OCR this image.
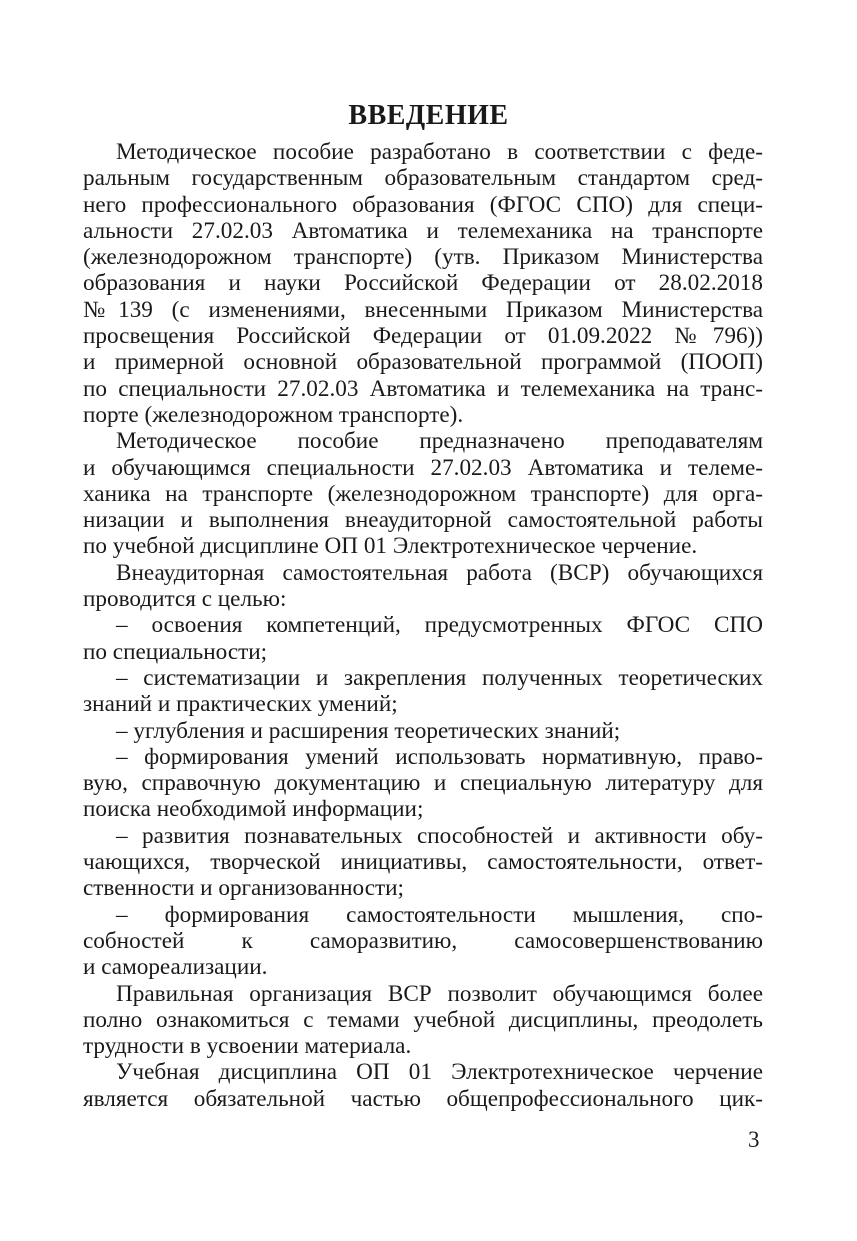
ВВЕДЕНИЕ
Методическое пособие разработано в соответствии с феде-
ральным государственным образовательным стандартом сред-
него профессионального образования (ФГОС СПО) для специ-
альности 27.02.03 Автоматика и телемеханика на транспорте
(железнодорожном транспорте) (утв. Приказом Министерства
образования и науки Российской Федерации от 28.02.2018
№139 (с изменениями, внесенными Приказом Министерства
просвещения Российской Федерации от 01.09.2022 №796))
и примерной основной образовательной программой (ПООП)
по специальности 27.02.03 Автоматика и телемеханика на транс-
порте (железнодорожном транспорте).
Методическое пособие предназначено преподавателям
и обучающимся специальности 27.02.03 Автоматика и телеме-
ханика на транспорте (железнодорожном транспорте) для орга-
низации и выполнения внеаудиторной самостоятельной работы
по учебной дисциплине ОП 01 Электротехническое черчение.
Внеаудиторная самостоятельная работа (ВСР) обучающихся
проводится с целью:
– освоения компетенций, предусмотренных ФГОС СПО
по специальности;
– систематизации и закрепления полученных теоретических
знаний и практических умений;
– углубления и расширения теоретических знаний;
– формирования умений использовать нормативную, право-
вую, справочную документацию и специальную литературу для
поиска необходимой информации;
– развития познавательных способностей и активности обу-
чающихся, творческой инициативы, самостоятельности, ответ-
ственности и организованности;
– формирования самостоятельности мышления, спо-
собностей к саморазвитию, самосовершенствованию
и самореализации.
Правильная организация ВСР позволит обучающимся более
полно ознакомиться с темами учебной дисциплины, преодолеть
трудности в усвоении материала.
Учебная дисциплина ОП 01 Электротехническое черчение
является обязательной частью общепрофессионального цик-
3
